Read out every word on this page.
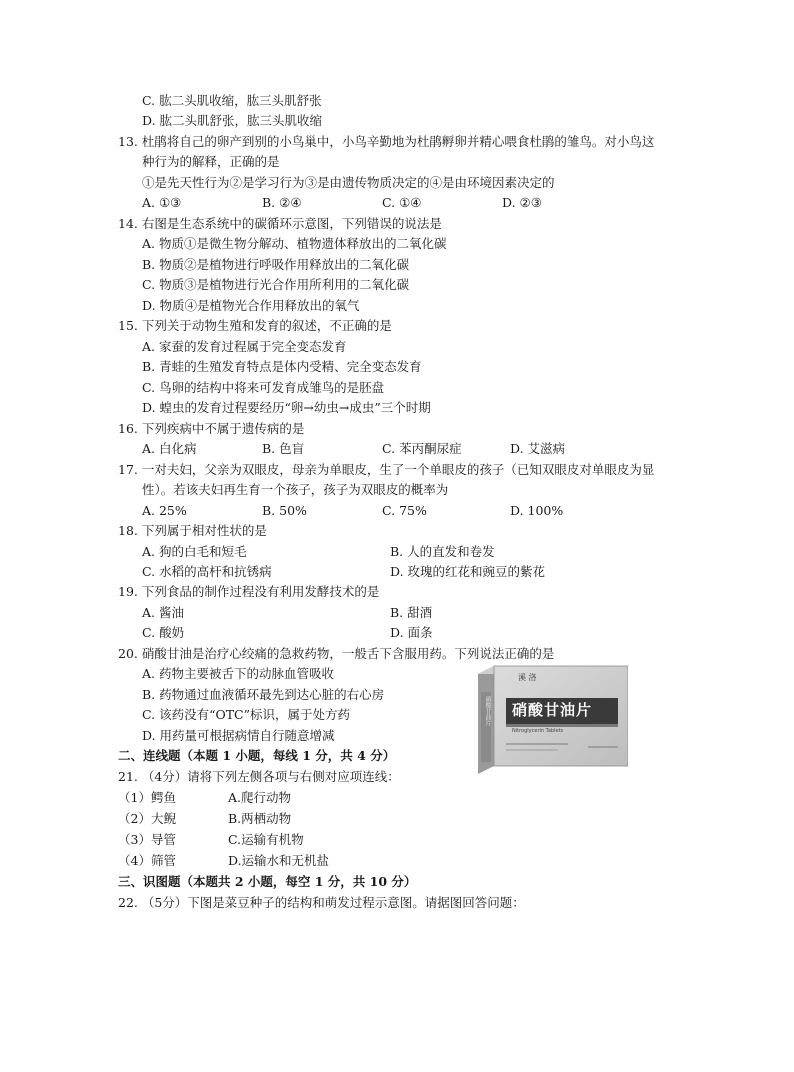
C. 肱二头肌收缩，肱三头肌舒张
D. 肱二头肌舒张，肱三头肌收缩
13. 杜鹃将自己的卵产到别的小鸟巢中，小鸟辛勤地为杜鹃孵卵并精心喂食杜鹃的雏鸟。对小鸟这
种行为的解释，正确的是
①是先天性行为②是学习行为③是由遗传物质决定的④是由环境因素决定的
A. ①③	B. ②④	C. ①④	D. ②③
14. 右图是生态系统中的碳循环示意图，下列错误的说法是
A. 物质①是微生物分解动、植物遗体释放出的二氧化碳
B. 物质②是植物进行呼吸作用释放出的二氧化碳
C. 物质③是植物进行光合作用所利用的二氧化碳
D. 物质④是植物光合作用释放出的氧气
15. 下列关于动物生殖和发育的叙述，不正确的是
A. 家蚕的发育过程属于完全变态发育
B. 青蛙的生殖发育特点是体内受精、完全变态发育
C. 鸟卵的结构中将来可发育成雏鸟的是胚盘
D. 蝗虫的发育过程要经历“卵→幼虫→成虫”三个时期
16. 下列疾病中不属于遗传病的是
A. 白化病	B. 色盲	C. 苯丙酮尿症	D. 艾滋病
17. 一对夫妇，父亲为双眼皮，母亲为单眼皮，生了一个单眼皮的孩子（已知双眼皮对单眼皮为显
性）。若该夫妇再生育一个孩子，孩子为双眼皮的概率为
A. 25%	B. 50%	C. 75%	D. 100%
18. 下列属于相对性状的是
A. 狗的白毛和短毛	B. 人的直发和卷发
C. 水稻的高杆和抗锈病	D. 玫瑰的红花和豌豆的紫花
19. 下列食品的制作过程没有利用发酵技术的是
A. 酱油	B. 甜酒
C. 酸奶	D. 面条
20. 硝酸甘油是治疗心绞痛的急救药物，一般舌下含服用药。下列说法正确的是
A. 药物主要被舌下的动脉血管吸收
B. 药物通过血液循环最先到达心脏的右心房
C. 该药没有“OTC”标识，属于处方药
D. 用药量可根据病情自行随意增减
溪 洛
硝酸甘油片
Nitroglycerin Tablets
硝酸甘油片
二、连线题（本题 1 小题，每线 1 分，共 4 分）
21. （4分）请将下列左侧各项与右侧对应项连线：
（1）鳄鱼	A.爬行动物
（2）大鲵	B.两栖动物
（3）导管	C.运输有机物
（4）筛管	D.运输水和无机盐
三、识图题（本题共 2 小题，每空 1 分，共 10 分）
22. （5分）下图是菜豆种子的结构和萌发过程示意图。请据图回答问题：
